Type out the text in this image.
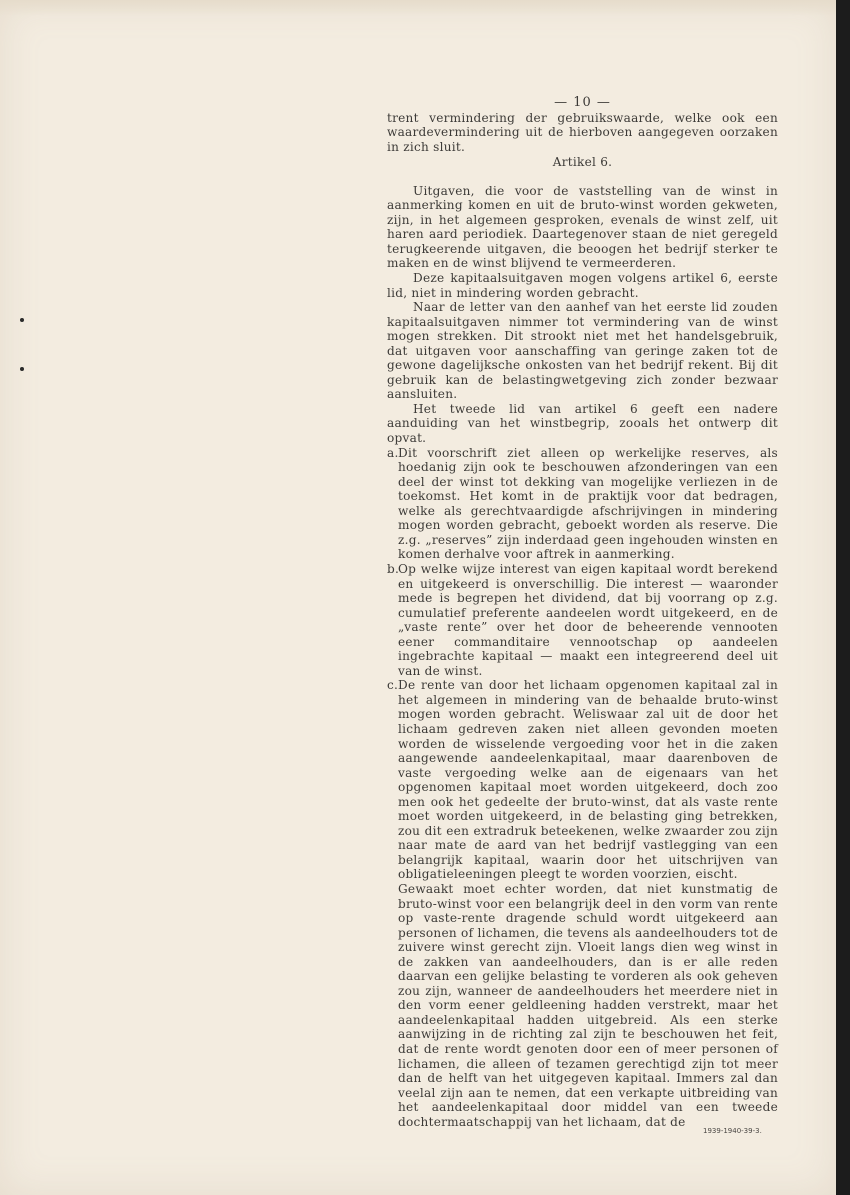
— 10 —

trent vermindering der gebruikswaarde, welke ook een waardevermindering uit de hierboven aangegeven oorzaken in zich sluit.

Artikel 6.

Uitgaven, die voor de vaststelling van de winst in aanmerking komen en uit de bruto-winst worden gekweten, zijn, in het algemeen gesproken, evenals de winst zelf, uit haren aard periodiek. Daartegenover staan de niet geregeld terugkeerende uitgaven, die beoogen het bedrijf sterker te maken en de winst blijvend te vermeerderen.

Deze kapitaalsuitgaven mogen volgens artikel 6, eerste lid, niet in mindering worden gebracht.

Naar de letter van den aanhef van het eerste lid zouden kapitaalsuitgaven nimmer tot vermindering van de winst mogen strekken. Dit strookt niet met het handelsgebruik, dat uitgaven voor aanschaffing van geringe zaken tot de gewone dagelijksche onkosten van het bedrijf rekent. Bij dit gebruik kan de belastingwetgeving zich zonder bezwaar aansluiten.

Het tweede lid van artikel 6 geeft een nadere aanduiding van het winstbegrip, zooals het ontwerp dit opvat.

a. Dit voorschrift ziet alleen op werkelijke reserves, als hoedanig zijn ook te beschouwen afzonderingen van een deel der winst tot dekking van mogelijke verliezen in de toekomst. Het komt in de praktijk voor dat bedragen, welke als gerechtvaardigde afschrijvingen in mindering mogen worden gebracht, geboekt worden als reserve. Die z.g. „reserves” zijn inderdaad geen ingehouden winsten en komen derhalve voor aftrek in aanmerking.

b.

Op welke wijze interest van eigen kapitaal wordt berekend en uitgekeerd is onverschillig. Die interest — waaronder mede is begrepen het dividend, dat bij voorrang op z.g. cumulatief preferente aandeelen wordt uitgekeerd, en de „vaste rente” over het door de beheerende vennooten eener commanditaire vennootschap op aandeelen ingebrachte kapitaal — maakt een integreerend deel uit van de winst.

c. De rente van door het lichaam opgenomen kapitaal zal in het algemeen in mindering van de behaalde bruto-winst mogen worden gebracht. Weliswaar zal uit de door het lichaam gedreven zaken niet alleen gevonden moeten worden de wisselende vergoeding voor het in die zaken aangewende aandeelenkapitaal, maar daarenboven de vaste vergoeding welke aan de eigenaars van het opgenomen kapitaal moet worden uitgekeerd, doch zoo men ook het gedeelte der bruto-winst, dat als vaste rente moet worden uitgekeerd, in de belasting ging betrekken, zou dit een extradruk beteekenen, welke zwaarder zou zijn naar mate de aard van het bedrijf vastlegging van een belangrijk kapitaal, waarin door het uitschrijven van obligatieleeningen pleegt te worden voorzien, eischt.

Gewaakt moet echter worden, dat niet kunstmatig de bruto-winst voor een belangrijk deel in den vorm van rente op vaste-rente dragende schuld wordt uitgekeerd aan personen of lichamen, die tevens als aandeelhouders tot de zuivere winst gerecht zijn. Vloeit langs dien weg winst in de zakken van aandeelhouders, dan is er alle reden daarvan een gelijke belasting te vorderen als ook geheven zou zijn, wanneer de aandeelhouders het meerdere niet in den vorm eener geldleening hadden verstrekt, maar het aandeelenkapitaal hadden uitgebreid. Als een sterke aanwijzing in de richting zal zijn te beschouwen het feit, dat de rente wordt genoten door een of meer personen of lichamen, die alleen of tezamen gerechtigd zijn tot meer dan de helft van het uitgegeven kapitaal. Immers zal dan veelal zijn aan te nemen, dat een verkapte uitbreiding van het aandeelenkapitaal door middel van een tweede dochtermaatschappij van het lichaam, dat de

1939-1940-39-3.
